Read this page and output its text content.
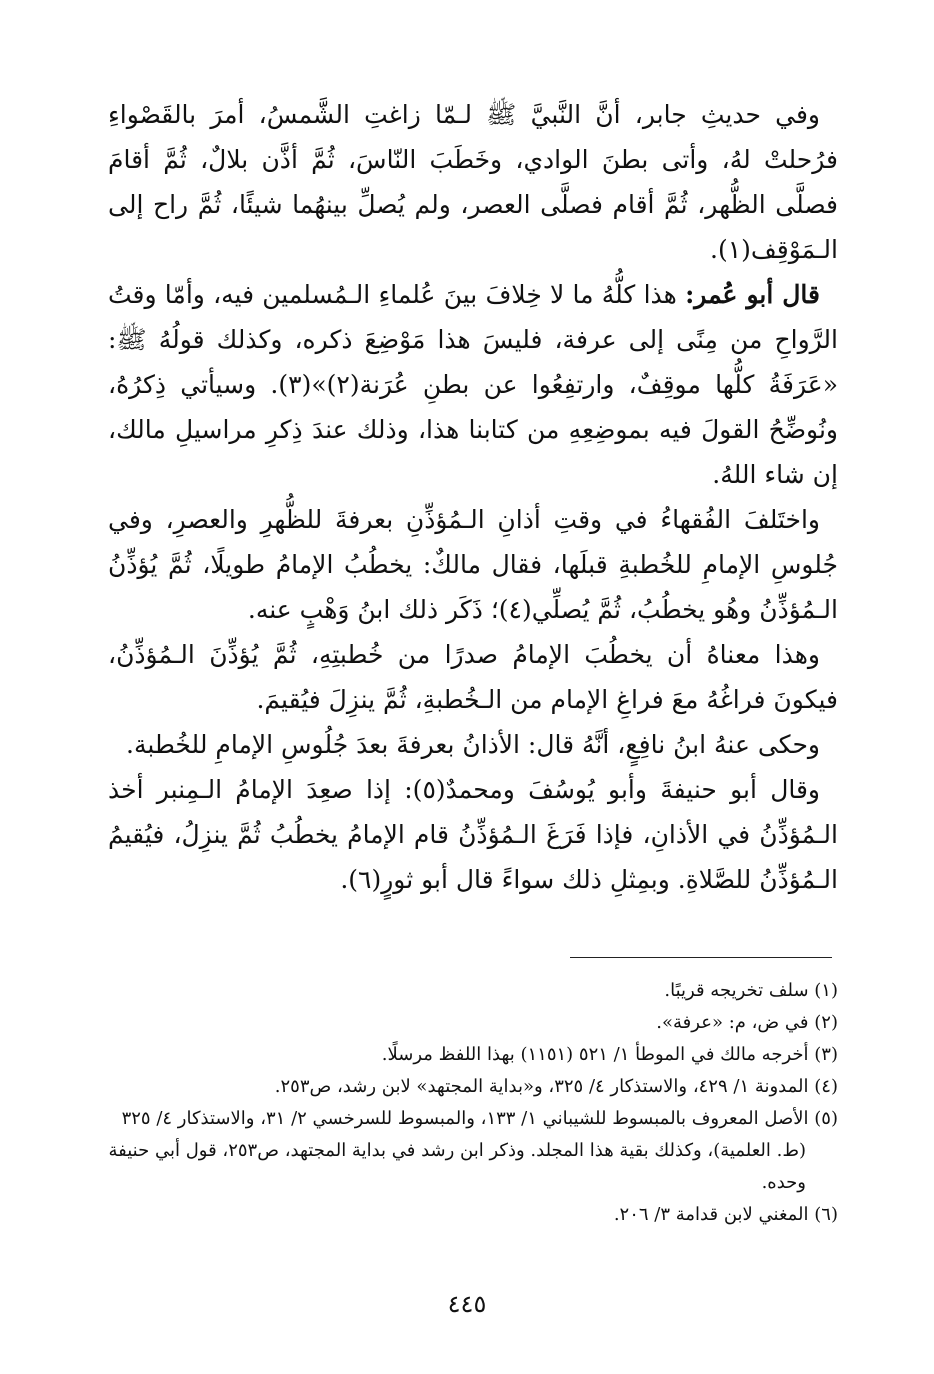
وفي حديثِ جابر، أنَّ النَّبيَّ ﷺ لـمّا زاغتِ الشَّمسُ، أمرَ بالقَصْواءِ فرُحلتْ لهُ، وأتى بطنَ الوادي، وخَطَبَ النّاسَ، ثُمَّ أذَّن بلالٌ، ثُمَّ أقامَ فصلَّى الظُّهر، ثُمَّ أقام فصلَّى العصر، ولم يُصلِّ بينهُما شيئًا، ثُمَّ راح إلى الـمَوْقِف(١).

قال أبو عُمر: هذا كلُّهُ ما لا خِلافَ بينَ عُلماءِ الـمُسلمين فيه، وأمّا وقتُ الرَّواحِ من مِنًى إلى عرفة، فليسَ هذا مَوْضِعَ ذكره، وكذلك قولُهُ ﷺ: «عَرَفَةُ كلُّها موقِفٌ، وارتفِعُوا عن بطنِ عُرَنة(٢)»(٣). وسيأتي ذِكرُهُ، ونُوضِّحُ القولَ فيه بموضِعِهِ من كتابنا هذا، وذلك عندَ ذِكرِ مراسيلِ مالك، إن شاء اللهُ.

واختَلفَ الفُقهاءُ في وقتِ أذانِ الـمُؤذِّنِ بعرفةَ للظُّهرِ والعصرِ، وفي جُلوسِ الإمامِ للخُطبةِ قبلَها، فقال مالكٌ: يخطُبُ الإمامُ طويلًا، ثُمَّ يُؤذِّنُ الـمُؤذِّنُ وهُو يخطُبُ، ثُمَّ يُصلِّي(٤)؛ ذَكَر ذلك ابنُ وَهْبٍ عنه.

وهذا معناهُ أن يخطُبَ الإمامُ صدرًا من خُطبتِهِ، ثُمَّ يُؤذِّنَ الـمُؤذِّنُ، فيكونَ فراغُهُ معَ فراغِ الإمام من الـخُطبةِ، ثُمَّ ينزِلَ فيُقيمَ.

وحكى عنهُ ابنُ نافِعٍ، أنَّهُ قال: الأذانُ بعرفةَ بعدَ جُلُوسِ الإمامِ للخُطبة.

وقال أبو حنيفةَ وأبو يُوسُفَ ومحمدٌ(٥): إذا صعِدَ الإمامُ الـمِنبر أخذ الـمُؤذِّنُ في الأذانِ، فإذا فَرَغَ الـمُؤذِّنُ قام الإمامُ يخطُبُ ثُمَّ ينزِلُ، فيُقيمُ الـمُؤذِّنُ للصَّلاةِ. وبمِثلِ ذلك سواءً قال أبو ثورٍ(٦).

(١) سلف تخريجه قريبًا.

(٢) في ض، م: «عرفة».

(٣) أخرجه مالك في الموطأ ١/ ٥٢١ (١١٥١) بهذا اللفظ مرسلًا.

(٤) المدونة ١/ ٤٢٩، والاستذكار ٤/ ٣٢٥، و«بداية المجتهد» لابن رشد، ص٢٥٣.

(٥) الأصل المعروف بالمبسوط للشيباني ١/ ١٣٣، والمبسوط للسرخسي ٢/ ٣١، والاستذكار ٤/ ٣٢٥
(ط. العلمية)، وكذلك بقية هذا المجلد. وذكر ابن رشد في بداية المجتهد، ص٢٥٣، قول أبي حنيفة وحده.

(٦) المغني لابن قدامة ٣/ ٢٠٦.

٤٤٥
